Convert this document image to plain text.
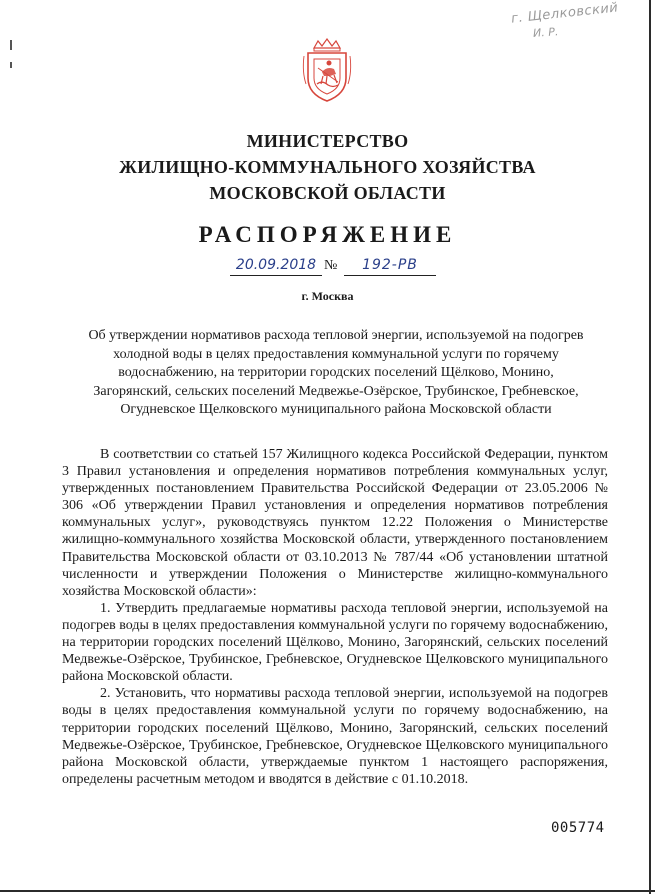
г. Щелковский
И. Р.
МИНИСТЕРСТВО
ЖИЛИЩНО-КОММУНАЛЬНОГО ХОЗЯЙСТВА
МОСКОВСКОЙ ОБЛАСТИ
РАСПОРЯЖЕНИЕ
20.09.2018 №	192-РВ
г. Москва
Об утверждении нормативов расхода тепловой энергии, используемой на подогрев
холодной воды в целях предоставления коммунальной услуги по горячему
водоснабжению, на территории городских поселений Щёлково, Монино,
Загорянский, сельских поселений Медвежье-Озёрское, Трубинское, Гребневское,
Огудневское Щелковского муниципального района Московской области

В соответствии со статьей 157 Жилищного кодекса Российской Федерации, пунктом 3 Правил установления и определения нормативов потребления коммунальных услуг, утвержденных постановлением Правительства Российской Федерации от 23.05.2006 № 306 «Об утверждении Правил установления и определения нормативов потребления коммунальных услуг», руководствуясь пунктом 12.22 Положения о Министерстве жилищно-коммунального хозяйства Московской области, утвержденного постановлением Правительства Московской области от 03.10.2013 № 787/44 «Об установлении штатной численности и утверждении Положения о Министерстве жилищно-коммунального хозяйства Московской области»:

1. Утвердить предлагаемые нормативы расхода тепловой энергии, используемой на подогрев воды в целях предоставления коммунальной услуги по горячему водоснабжению, на территории городских поселений Щёлково, Монино, Загорянский, сельских поселений Медвежье-Озёрское, Трубинское, Гребневское, Огудневское Щелковского муниципального района Московской области.

2. Установить, что нормативы расхода тепловой энергии, используемой на подогрев воды в целях предоставления коммунальной услуги по горячему водоснабжению, на территории городских поселений Щёлково, Монино, Загорянский, сельских поселений Медвежье-Озёрское, Трубинское, Гребневское, Огудневское Щелковского муниципального района Московской области, утверждаемые пунктом 1 настоящего распоряжения, определены расчетным методом и вводятся в действие с 01.10.2018.

005774
